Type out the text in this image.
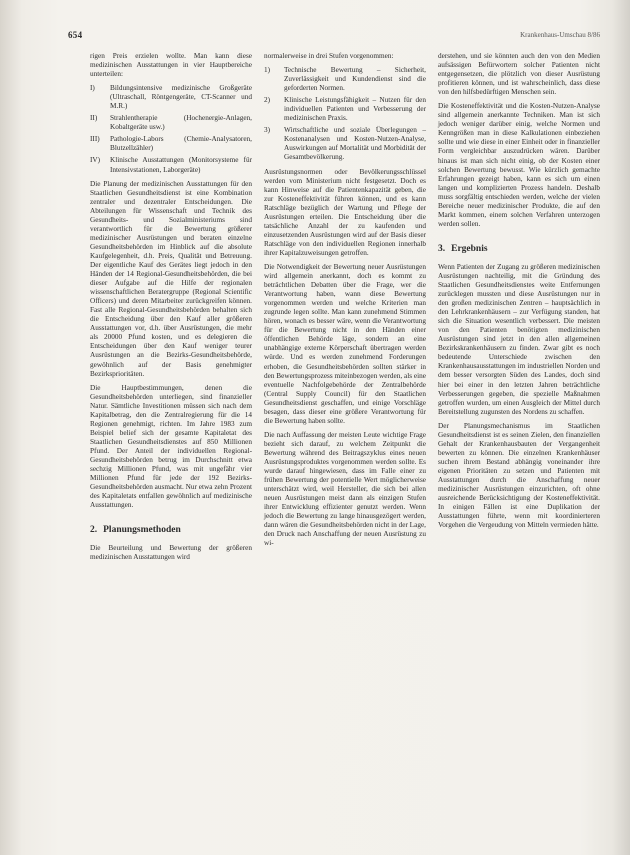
654	Krankenhaus-Umschau 8/86

rigen Preis erzielen wollte. Man kann diese medizinischen Ausstattungen in vier Hauptbereiche unterteilen:

I)	Bildungsintensive medizinische Großgeräte (Ultraschall, Röntgengeräte, CT-Scanner und M.R.)
II)	Strahlentherapie (Hochenergie-Anlagen, Kobaltgeräte usw.)
III)	Pathologie-Labors (Chemie-Analysatoren, Blutzellzähler)
IV)	Klinische Ausstattungen (Monitorsysteme für Intensivstationen, Laborgeräte)

Die Planung der medizinischen Ausstattungen für den Staatlichen Gesundheitsdienst ist eine Kombination zentraler und dezentraler Entscheidungen. Die Abteilungen für Wissenschaft und Technik des Gesundheits- und Sozialministeriums sind verantwortlich für die Bewertung größerer medizinischer Ausrüstungen und beraten einzelne Gesundheitsbehörden im Hinblick auf die absolute Kaufgelegenheit, d.h. Preis, Qualität und Betreuung. Der eigentliche Kauf des Gerätes liegt jedoch in den Händen der 14 Regional-Gesundheitsbehörden, die bei dieser Aufgabe auf die Hilfe der regionalen wissenschaftlichen Beratergruppe (Regional Scientific Officers) und deren Mitarbeiter zurückgreifen können. Fast alle Regional-Gesundheitsbehörden behalten sich die Entscheidung über den Kauf aller größeren Ausstattungen vor, d.h. über Ausrüstungen, die mehr als 20000 Pfund kosten, und es delegieren die Entscheidungen über den Kauf weniger teurer Ausrüstungen an die Bezirks-Gesundheitsbehörde, gewöhnlich auf der Basis genehmigter Bezirksprioritäten.

Die Hauptbestimmungen, denen die Gesundheitsbehörden unterliegen, sind finanzieller Natur. Sämtliche Investitionen müssen sich nach dem Kapitalbetrag, den die Zentralregierung für die 14 Regionen genehmigt, richten. Im Jahre 1983 zum Beispiel belief sich der gesamte Kapitaletat des Staatlichen Gesundheitsdienstes auf 850 Millionen Pfund. Der Anteil der individuellen Regional-Gesundheitsbehörden betrug im Durchschnitt etwa sechzig Millionen Pfund, was mit ungefähr vier Millionen Pfund für jede der 192 Bezirks-Gesundheitsbehörden ausmacht. Nur etwa zehn Prozent des Kapitaletats entfallen gewöhnlich auf medizinische Ausstattungen.

2. Planungsmethoden

Die Beurteilung und Bewertung der größeren medizinischen Ausstattungen wird

normalerweise in drei Stufen vorgenommen:

1)	Technische Bewertung – Sicherheit, Zuverlässigkeit und Kundendienst sind die geforderten Normen.
2)	Klinische Leistungsfähigkeit – Nutzen für den individuellen Patienten und Verbesserung der medizinischen Praxis.
3)	Wirtschaftliche und soziale Überlegungen – Kostenanalysen und Kosten-Nutzen-Analyse, Auswirkungen auf Mortalität und Morbidität der Gesamtbevölkerung.

Ausrüstungsnormen oder Bevölkerungsschlüssel werden vom Ministerium nicht festgesetzt. Doch es kann Hinweise auf die Patientenkapazität geben, die zur Kosteneffektivität führen können, und es kann Ratschläge bezüglich der Wartung und Pflege der Ausrüstungen erteilen. Die Entscheidung über die tatsächliche Anzahl der zu kaufenden und einzusetzenden Ausrüstungen wird auf der Basis dieser Ratschläge von den individuellen Regionen innerhalb ihrer Kapitalzuweisungen getroffen.

Die Notwendigkeit der Bewertung neuer Ausrüstungen wird allgemein anerkannt, doch es kommt zu beträchtlichen Debatten über die Frage, wer die Verantwortung haben, wann diese Bewertung vorgenommen werden und welche Kriterien man zugrunde legen sollte. Man kann zunehmend Stimmen hören, wonach es besser wäre, wenn die Verantwortung für die Bewertung nicht in den Händen einer öffentlichen Behörde läge, sondern an eine unabhängige externe Körperschaft übertragen werden würde. Und es werden zunehmend Forderungen erhoben, die Gesundheitsbehörden sollten stärker in den Bewertungsprozess miteinbezogen werden, als eine eventuelle Nachfolgebehörde der Zentralbehörde (Central Supply Council) für den Staatlichen Gesundheitsdienst geschaffen, und einige Vorschläge besagen, dass dieser eine größere Verantwortung für die Bewertung haben sollte.

Die nach Auffassung der meisten Leute wichtige Frage bezieht sich darauf, zu welchem Zeitpunkt die Bewertung während des Beitragszyklus eines neuen Ausrüstungsproduktes vorgenommen werden sollte. Es wurde darauf hingewiesen, dass im Falle einer zu frühen Bewertung der potentielle Wert möglicherweise unterschätzt wird, weil Hersteller, die sich bei allen neuen Ausrüstungen meist dann als einzigen Stufen ihrer Entwicklung effizienter genutzt werden. Wenn jedoch die Bewertung zu lange hinausgezögert werden, dann wären die Gesundheitsbehörden nicht in der Lage, den Druck nach Anschaffung der neuen Ausrüstung zu wi-

derstehen, und sie könnten auch den von den Medien aufsässigen Befürwortern solcher Patienten nicht entgegensetzen, die plötzlich von dieser Ausrüstung profitieren können, und ist wahrscheinlich, dass diese von den hilfsbedürftigen Menschen sein.

Die Kosteneffektivität und die Kosten-Nutzen-Analyse sind allgemein anerkannte Techniken. Man ist sich jedoch weniger darüber einig, welche Normen und Kenngrößen man in diese Kalkulationen einbeziehen sollte und wie diese in einer Einheit oder in finanzieller Form vergleichbar auszudrücken wären. Darüber hinaus ist man sich nicht einig, ob der Kosten einer solchen Bewertung bewusst. Wie kürzlich gemachte Erfahrungen gezeigt haben, kann es sich um einen langen und komplizierten Prozess handeln. Deshalb muss sorgfältig entschieden werden, welche der vielen Bereiche neuer medizinischer Produkte, die auf den Markt kommen, einem solchen Verfahren unterzogen werden sollen.

3. Ergebnis

Wenn Patienten der Zugang zu größeren medizinischen Ausrüstungen nachteilig, mit die Gründung des Staatlichen Gesundheitsdienstes weite Entfernungen zurücklegen mussten und diese Ausrüstungen nur in den großen medizinischen Zentren – hauptsächlich in den Lehrkrankenhäusern – zur Verfügung standen, hat sich die Situation wesentlich verbessert. Die meisten von den Patienten benötigten medizinischen Ausrüstungen sind jetzt in den allen allgemeinen Bezirkskrankenhäusern zu finden. Zwar gibt es noch bedeutende Unterschiede zwischen den Krankenhausausstattungen im industriellen Norden und dem besser versorgten Süden des Landes, doch sind hier bei einer in den letzten Jahren beträchtliche Verbesserungen gegeben, die spezielle Maßnahmen getroffen wurden, um einen Ausgleich der Mittel durch Bereitstellung zugunsten des Nordens zu schaffen.

Der Planungsmechanismus im Staatlichen Gesundheitsdienst ist es seinen Zielen, den finanziellen Gehalt der Krankenhausbauten der Vergangenheit bewerten zu können. Die einzelnen Krankenhäuser suchen ihrem Bestand abhängig voneinander ihre eigenen Prioritäten zu setzen und Patienten mit Ausstattungen durch die Anschaffung neuer medizinischer Ausrüstungen einzurichten, oft ohne ausreichende Berücksichtigung der Kosteneffektivität. In einigen Fällen ist eine Duplikation der Ausstattungen führte, wenn mit koordinierteren Vorgehen die Vergeudung von Mitteln vermieden hätte.
